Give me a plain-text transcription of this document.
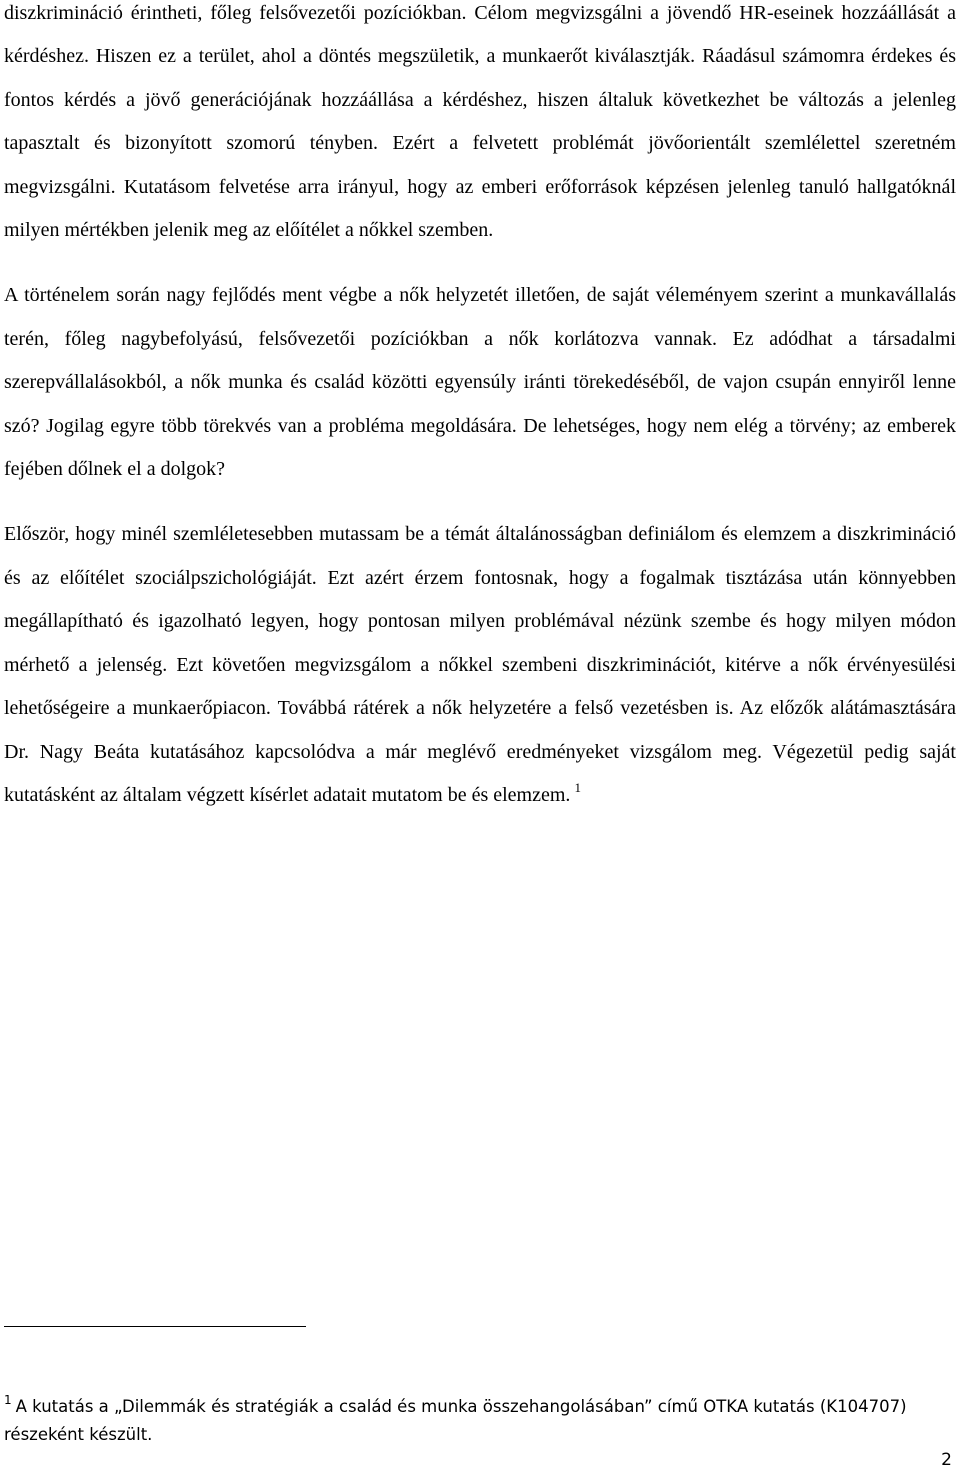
diszkrimináció érintheti, főleg felsővezetői pozíciókban. Célom megvizsgálni a jövendő HR-eseinek hozzáállását a kérdéshez. Hiszen ez a terület, ahol a döntés megszületik, a munkaerőt kiválasztják. Ráadásul számomra érdekes és fontos kérdés a jövő generációjának hozzáállása a kérdéshez, hiszen általuk következhet be változás a jelenleg tapasztalt és bizonyított szomorú tényben. Ezért a felvetett problémát jövőorientált szemlélettel szeretném megvizsgálni. Kutatásom felvetése arra irányul, hogy az emberi erőforrások képzésen jelenleg tanuló hallgatóknál milyen mértékben jelenik meg az előítélet a nőkkel szemben.

A történelem során nagy fejlődés ment végbe a nők helyzetét illetően, de saját véleményem szerint a munkavállalás terén, főleg nagybefolyású, felsővezetői pozíciókban a nők korlátozva vannak. Ez adódhat a társadalmi szerepvállalásokból, a nők munka és család közötti egyensúly iránti törekedéséből, de vajon csupán ennyiről lenne szó? Jogilag egyre több törekvés van a probléma megoldására. De lehetséges, hogy nem elég a törvény; az emberek fejében dőlnek el a dolgok?

Először, hogy minél szemléletesebben mutassam be a témát általánosságban definiálom és elemzem a diszkrimináció és az előítélet szociálpszichológiáját. Ezt azért érzem fontosnak, hogy a fogalmak tisztázása után könnyebben megállapítható és igazolható legyen, hogy pontosan milyen problémával nézünk szembe és hogy milyen módon mérhető a jelenség. Ezt követően megvizsgálom a nőkkel szembeni diszkriminációt, kitérve a nők érvényesülési lehetőségeire a munkaerőpiacon. Továbbá rátérek a nők helyzetére a felső vezetésben is. Az előzők alátámasztására Dr. Nagy Beáta kutatásához kapcsolódva a már meglévő eredményeket vizsgálom meg. Végezetül pedig saját kutatásként az általam végzett kísérlet adatait mutatom be és elemzem. $^1$

$^1$ A kutatás a „Dilemmák és stratégiák a család és munka összehangolásában” című OTKA kutatás (K104707) részeként készült.

2
